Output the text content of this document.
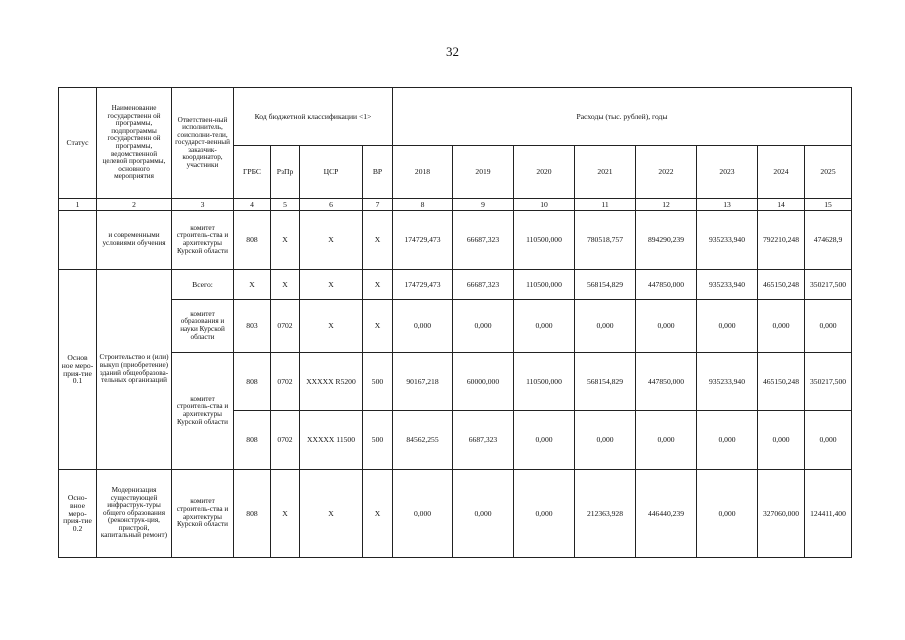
32
Статус	Наименование государственн ой программы, подпрограммы государственн ой программы, ведомственной целевой программы, основного мероприятия	Ответствен-ный исполнитель, соисполни-тели, государст-венный заказчик-координатор, участники	Код бюджетной классификации <1>				Расходы (тыс. рублей), годы							
			ГРБС	РзПр	ЦСР	ВР	2018	2019	2020	2021	2022	2023	2024	2025
1	2	3	4	5	6	7	8	9	10	11	12	13	14	15
	и современными условиями обучения	комитет строитель-ства и архитектуры Курской области	808	Х	Х	Х	174729,473	66687,323	110500,000	780518,757	894290,239	935233,940	792210,248	474628,9
Основ ное меро-прия-тие 0.1	Строительство и (или) выкуп (приобретение) зданий общеобразова-тельных организаций	Всего:	Х	Х	Х	Х	174729,473	66687,323	110500,000	568154,829	447850,000	935233,940	465150,248	350217,500
		комитет образования и науки Курской области	803	0702	Х	Х	0,000	0,000	0,000	0,000	0,000	0,000	0,000	0,000
		комитет строитель-ства и архитектуры Курской области	808	0702	XXXXX R5200	500	90167,218	60000,000	110500,000	568154,829	447850,000	935233,940	465150,248	350217,500
			808	0702	XXXXX 11500	500	84562,255	6687,323	0,000	0,000	0,000	0,000	0,000	0,000
Осно-вное меро-прия-тие 0.2	Модернизация существующей инфраструк-туры общего образования (реконструк-ция, пристрой, капитальный ремонт)	комитет строитель-ства и архитектуры Курской области	808	Х	Х	Х	0,000	0,000	0,000	212363,928	446440,239	0,000	327060,000	124411,400
